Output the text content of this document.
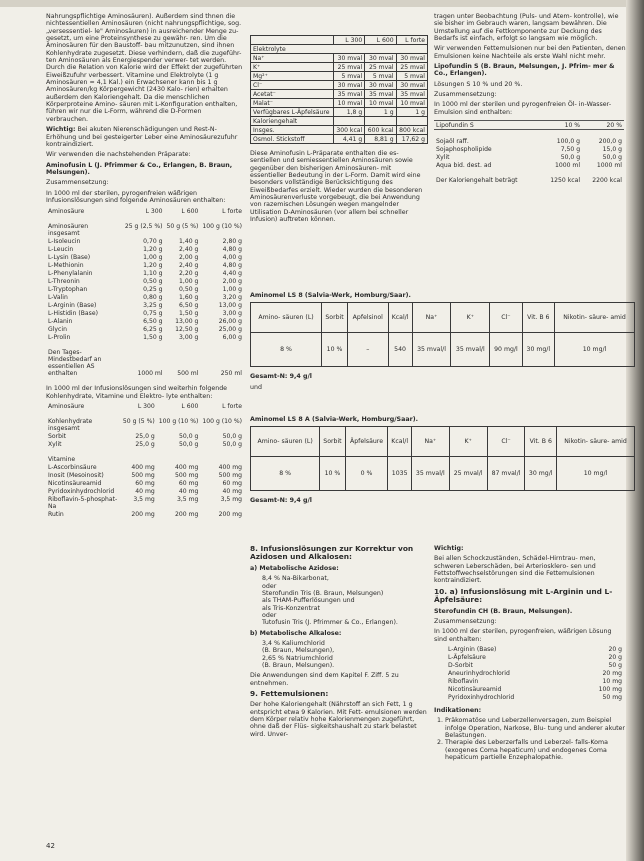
Nahrungspflichtige Aminosäuren). Außerdem sind thnen die nichtessentiellen Aminosäuren (nicht nahrungspflichtige, sog. „versessentiel- le" Aminosäuren) in ausreichender Menge zu- gesetzt, um eine Proteinsynthese zu gewähr- ren. Um die Aminosäuren für den Baustoff- bau mitzunutzen, sind ihnen Kohlenhydrate zugesetzt. Diese verhindern, daß die zugeführ- ten Aminosäuren als Energiespender verwer- tet werden. Durch die Relation von Kalorie wird der Effekt der zugeführten Eiweißzufuhr verbessert. Vitamine und Elektrolyte (1 g Aminosäuren = 4,1 Kal.) ein Erwachsener kann bis 1 g Aminosäuren/kg Körpergewicht (2430 Kalo- rien) erhalten außerdem den Kaloriengehalt. Da die menschlichen Körperproteine Amino- säuren mit L-Konfiguration enthalten, führen wir nur die L-Form, während die D-Formen verbrauchen.

Wichtig: Bei akuten Nierenschädigungen und Rest-N-Erhöhung und bei gesteigerter Leber eine Aminosäurezufuhr kontraindiziert.

Wir verwenden die nachstehenden Präparate:

Aminofusin L (J. Pfrimmer & Co., Erlangen, B. Braun, Melsungen).

Zusammensetzung:

In 1000 ml der sterilen, pyrogenfreien wäßrigen Infusionslösungen sind folgende Aminosäuren enthalten:

Aminosäure	L 300	L 600	L forte

Aminosäuren insgesamt	25 g (2,5 %)	50 g (5 %)	100 g (10 %)
L-Isoleucin	0,70 g	1,40 g	2,80 g
L-Leucin	1,20 g	2,40 g	4,80 g
L-Lysin (Base)	1,00 g	2,00 g	4,00 g
L-Methionin	1,20 g	2,40 g	4,80 g
L-Phenylalanin	1,10 g	2,20 g	4,40 g
L-Threonin	0,50 g	1,00 g	2,00 g
L-Tryptophan	0,25 g	0,50 g	1,00 g
L-Valin	0,80 g	1,60 g	3,20 g
L-Arginin (Base)	3,25 g	6,50 g	13,00 g
L-Histidin (Base)	0,75 g	1,50 g	3,00 g
L-Alanin	6,50 g	13,00 g	26,00 g
Glycin	6,25 g	12,50 g	25,00 g
L-Prolin	1,50 g	3,00 g	6,00 g

Den Tages- Mindestbedarf an essentiellen AS enthalten	1000 ml	500 ml	250 ml

In 1000 ml der Infusionslösungen sind weiterhin folgende Kohlenhydrate, Vitamine und Elektro- lyte enthalten:

Aminosäure	L 300	L 600	L forte

Kohlenhydrate insgesamt	50 g (5 %)	100 g (10 %)	100 g (10 %)
Sorbit	25,0 g	50,0 g	50,0 g
Xylit	25,0 g	50,0 g	50,0 g

Vitamine			
L-Ascorbinsäure	400 mg	400 mg	400 mg
Inosit (Mesoinosit)	500 mg	500 mg	500 mg
Nicotinsäureamid	60 mg	60 mg	60 mg
Pyridoxinhydrochlorid	40 mg	40 mg	40 mg
Riboflavin-5-phosphat-Na	3,5 mg	3,5 mg	3,5 mg
Rutin	200 mg	200 mg	200 mg
	L 300	L 600	L forte
Elektrolyte			
Na⁺	30 mval	30 mval	30 mval
K⁺	25 mval	25 mval	25 mval
Mg²⁺	5 mval	5 mval	5 mval
Cl⁻	30 mval	30 mval	30 mval
Acetat⁻	35 mval	35 mval	35 mval
Malat⁻	10 mval	10 mval	10 mval
Verfügbares L-Äpfelsäure	1,8 g	1 g	1 g
Kaloriengehalt			
Insges.	300 kcal	600 kcal	800 kcal
Osmol. Stickstoff	4,41 g	8,81 g	17,62 g

Diese Aminofusin L-Präparate enthalten die es- sentiellen und semiessentiellen Aminosäuren sowie gegenüber den bisherigen Aminosäuren- mit essentieller Bedeutung in der L-Form. Damit wird eine besonders vollständige Berücksichtigung des Eiweißbedarfes erzielt. Wieder wurden die besonderen Aminosäurenverluste vorgebeugt, die bei Anwendung von razemischen Lösungen wegen mangelnder Utilisation D-Aminosäuren (vor allem bei schneller Infusion) auftreten können.

tragen unter Beobachtung (Puls- und Atem- kontrolle), wie sie bisher im Gebrauch waren, langsam bewähren. Die Umstellung auf die Fettkomponente zur Deckung des Bedarfs ist einfach, erfolgt so langsam wie möglich.

Wir verwenden Fettemulsionen nur bei den Patienten, denen Emulsionen keine Nachteile als erste Wahl nicht mehr.

Lipofundin S (B. Braun, Melsungen, J. Pfrim- mer & Co., Erlangen).

Lösungen S 10 % und 20 %.

Zusammensetzung:

In 1000 ml der sterilen und pyrogenfreien Öl- in-Wasser-Emulsion sind enthalten:

Lipofundin S	10 %	20 %

Sojaöl raff.	100,0 g	200,0 g
Sojaphospholipide	7,50 g	15,0 g
Xylit	50,0 g	50,0 g
Aqua bid. dest. ad	1000 ml	1000 ml

Der Kaloriengehalt beträgt	1250 kcal	2200 kcal

Aminomel LS 8 (Salvia-Werk, Homburg/Saar).

Amino- säuren (L)	Sorbit	Apfelsinol	Kcal/l	Na⁺	K⁺	Cl⁻	Vit. B 6	Nikotin- säure- amid
8 %	10 %	–	540	35 mval/l	35 mval/l	90 mg/l	30 mg/l	10 mg/l

Gesamt-N: 9,4 g/l

und

Aminomel LS 8 A (Salvia-Werk, Homburg/Saar).

Amino- säuren (L)	Sorbit	Äpfelsäure	Kcal/l	Na⁺	K⁺	Cl⁻	Vit. B 6	Nikotin- säure- amid
8 %	10 %	0 %	1035	35 mval/l	25 mval/l	87 mval/l	30 mg/l	10 mg/l

Gesamt-N: 9,4 g/l

8. Infusionslösungen zur Korrektur von Azidosen und Alkalosen:

a) Metabolische Azidose:

8,4 % Na-Bikarbonat,
oder
Sterofundin Tris (B. Braun, Melsungen)
als THAM-Pufferlösungen und
als Tris-Konzentrat
oder
Tutofusin Tris (J. Pfrimmer & Co., Erlangen).

b) Metabolische Alkalose:

3,4 % Kaliumchlorid
(B. Braun, Melsungen),
2,65 % Natriumchlorid
(B. Braun, Melsungen).

Die Anwendungen sind dem Kapitel F. Ziff. 5 zu entnehmen.

9. Fettemulsionen:

Der hohe Kaloriengehalt (Nährstoff an sich Fett, 1 g entspricht etwa 9 Kalorien. Mit Fett- emulsionen werden dem Körper relativ hohe Kalorienmengen zugeführt, ohne daß der Flüs- sigkeitshaushalt zu stark belastet wird. Unver-

Wichtig:

Bei allen Schockzuständen, Schädel-Hirntrau- men, schweren Leberschäden, bei Arteriosklero- sen und Fettstoffwechselstörungen sind die Fettemulsionen kontraindiziert.

10. a) Infusionslösung mit L-Arginin und L-Äpfelsäure:

Sterofundin CH (B. Braun, Melsungen).

Zusammensetzung:

In 1000 ml der sterilen, pyrogenfreien, wäßrigen Lösung sind enthalten:

L-Arginin (Base)	20 g
L-Äpfelsäure	20 g
D-Sorbit	50 g
Aneurinhydrochlorid	20 mg
Riboflavin	10 mg
Nicotinsäureamid	100 mg
Pyridoxinhydrochlorid	50 mg

Indikationen:

1. Präkomatöse und Leberzellenversagen, zum Beispiel infolge Operation, Narkose, Blu- tung und anderer akuter Belastungen.
2. Therapie des Leberzerfalls und Leberzel- falls-Koma (exogenes Coma hepaticum) und endogenes Coma hepaticum partielle Enzephalopathie.
42
